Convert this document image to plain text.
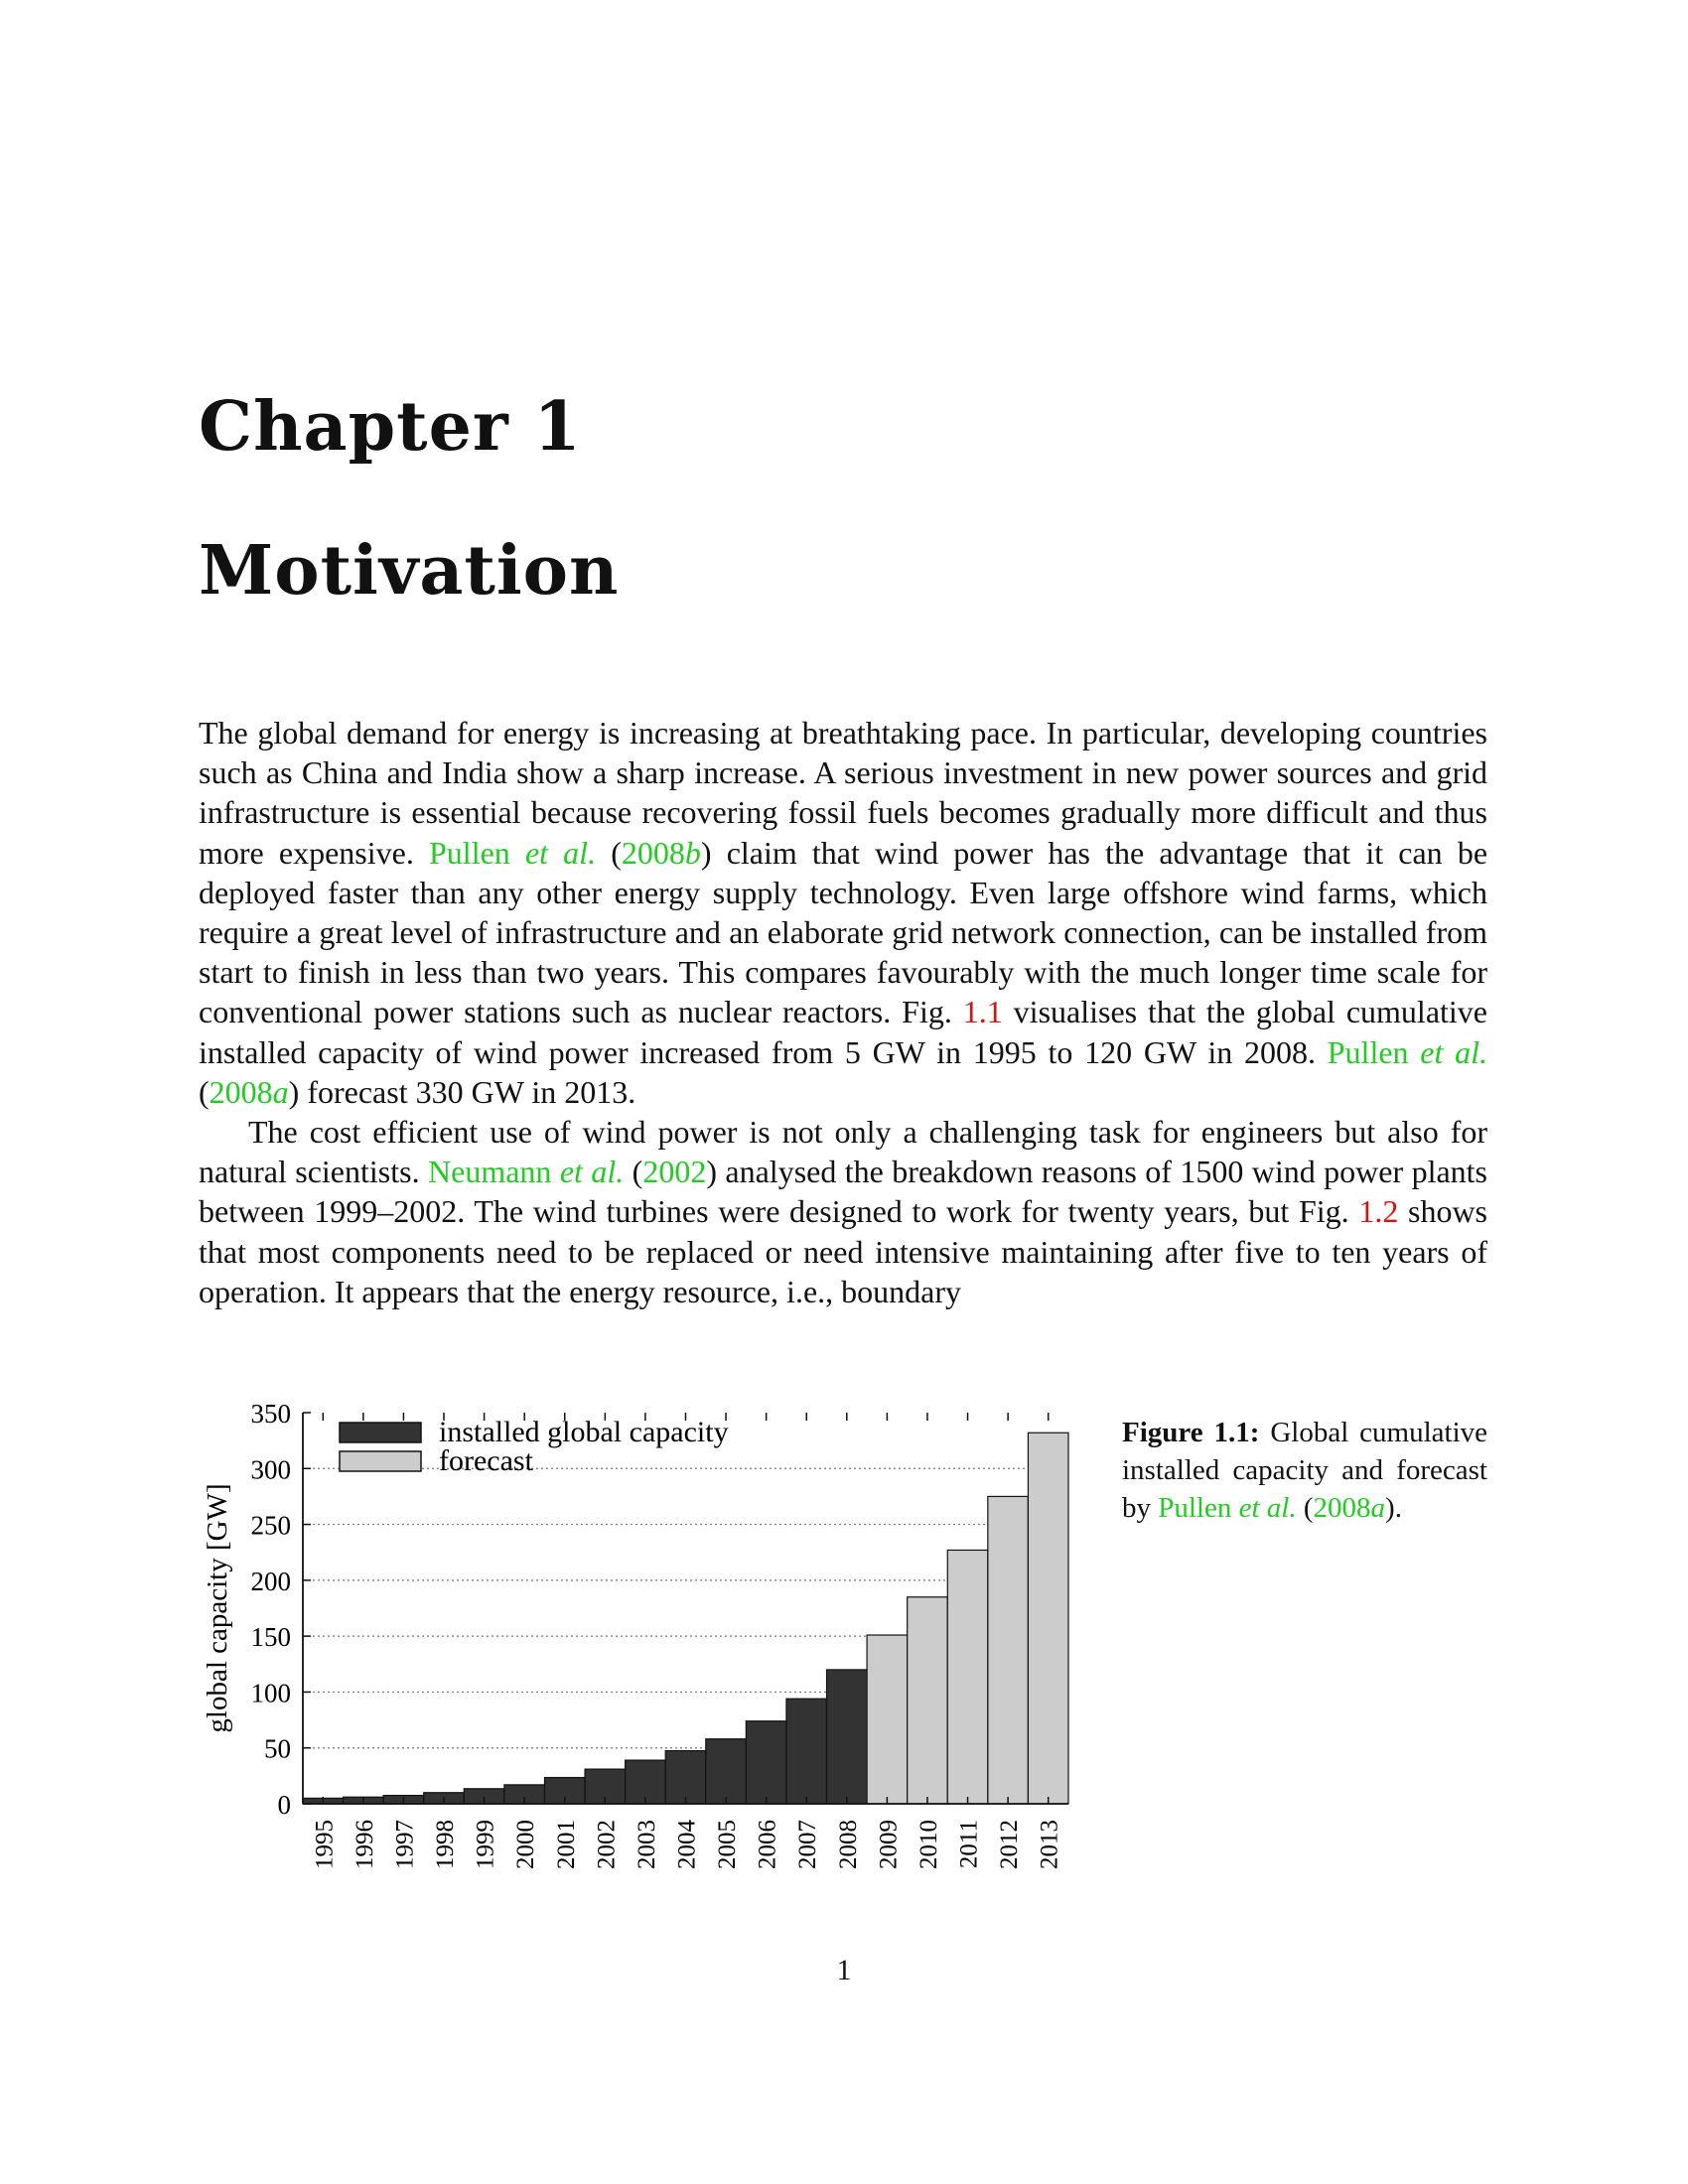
Chapter 1
Motivation

The global demand for energy is increasing at breathtaking pace. In particular, developing countries such as China and India show a sharp increase. A serious investment in new power sources and grid infrastructure is essential because recovering fossil fuels becomes gradually more difficult and thus more expensive. Pullen et al. (2008b) claim that wind power has the advantage that it can be deployed faster than any other energy supply technology. Even large offshore wind farms, which require a great level of infrastructure and an elaborate grid network connection, can be installed from start to finish in less than two years. This compares favourably with the much longer time scale for conventional power stations such as nuclear reactors. Fig. 1.1 visualises that the global cumulative installed capacity of wind power increased from 5 GW in 1995 to 120 GW in 2008. Pullen et al. (2008a) forecast 330 GW in 2013.

The cost efficient use of wind power is not only a challenging task for engineers but also for natural scientists. Neumann et al. (2002) analysed the breakdown reasons of 1500 wind power plants between 1999–2002. The wind turbines were designed to work for twenty years, but Fig. 1.2 shows that most components need to be replaced or need intensive maintaining after five to ten years of operation. It appears that the energy resource, i.e., boundary

0
50
100
150
200
250
300
350
1995 1996 1997 1998 1999 2000 2001 2002 2003 2004 2005 2006 2007 2008 2009 2010 2011 2012 2013
installed global capacity
forecast
global capacity [GW]
Figure 1.1: Global cumulative installed capacity and forecast by Pullen et al. (2008a).
1
